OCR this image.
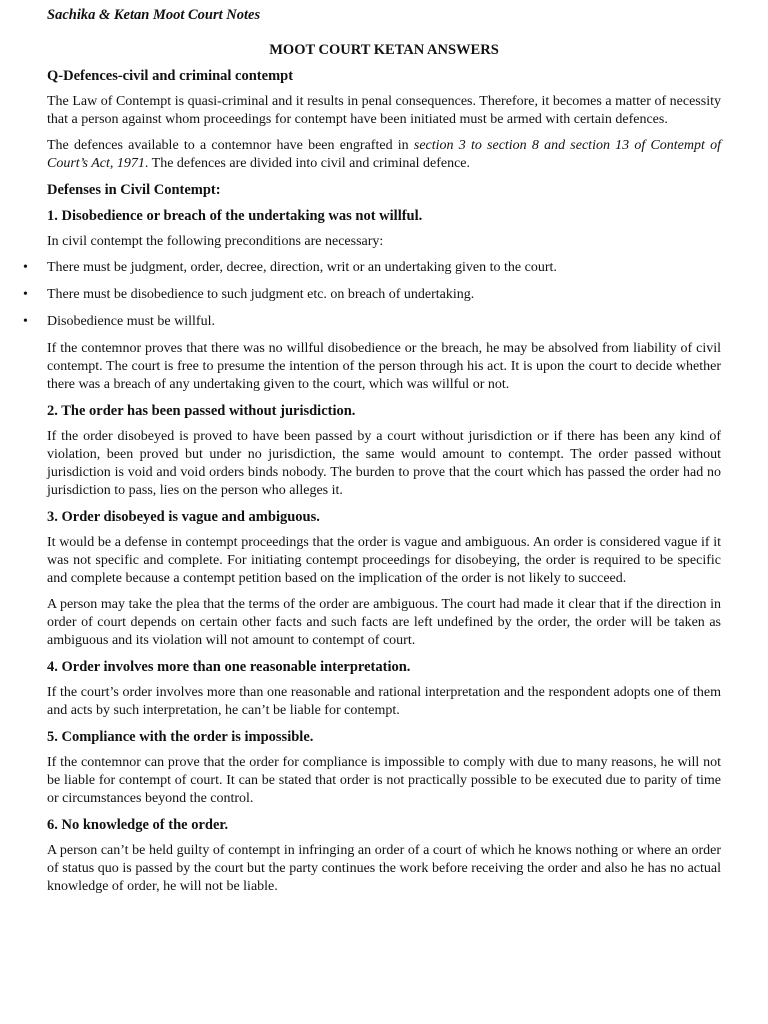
Sachika & Ketan Moot Court Notes
MOOT COURT KETAN ANSWERS
Q-Defences-civil and criminal contempt
The Law of Contempt is quasi-criminal and it results in penal consequences. Therefore, it becomes a matter of necessity that a person against whom proceedings for contempt have been initiated must be armed with certain defences.
The defences available to a contemnor have been engrafted in section 3 to section 8 and section 13 of Contempt of Court’s Act, 1971. The defences are divided into civil and criminal defence.
Defenses in Civil Contempt:
1. Disobedience or breach of the undertaking was not willful.
In civil contempt the following preconditions are necessary:
• There must be judgment, order, decree, direction, writ or an undertaking given to the court.
• There must be disobedience to such judgment etc. on breach of undertaking.
• Disobedience must be willful.
If the contemnor proves that there was no willful disobedience or the breach, he may be absolved from liability of civil contempt. The court is free to presume the intention of the person through his act. It is upon the court to decide whether there was a breach of any undertaking given to the court, which was willful or not.
2. The order has been passed without jurisdiction.
If the order disobeyed is proved to have been passed by a court without jurisdiction or if there has been any kind of violation, been proved but under no jurisdiction, the same would amount to contempt. The order passed without jurisdiction is void and void orders binds nobody. The burden to prove that the court which has passed the order had no jurisdiction to pass, lies on the person who alleges it.
3. Order disobeyed is vague and ambiguous.
It would be a defense in contempt proceedings that the order is vague and ambiguous. An order is considered vague if it was not specific and complete. For initiating contempt proceedings for disobeying, the order is required to be specific and complete because a contempt petition based on the implication of the order is not likely to succeed.
A person may take the plea that the terms of the order are ambiguous. The court had made it clear that if the direction in order of court depends on certain other facts and such facts are left undefined by the order, the order will be taken as ambiguous and its violation will not amount to contempt of court.
4. Order involves more than one reasonable interpretation.
If the court’s order involves more than one reasonable and rational interpretation and the respondent adopts one of them and acts by such interpretation, he can’t be liable for contempt.
5. Compliance with the order is impossible.
If the contemnor can prove that the order for compliance is impossible to comply with due to many reasons, he will not be liable for contempt of court. It can be stated that order is not practically possible to be executed due to parity of time or circumstances beyond the control.
6. No knowledge of the order.
A person can’t be held guilty of contempt in infringing an order of a court of which he knows nothing or where an order of status quo is passed by the court but the party continues the work before receiving the order and also he has no actual knowledge of order, he will not be liable.
